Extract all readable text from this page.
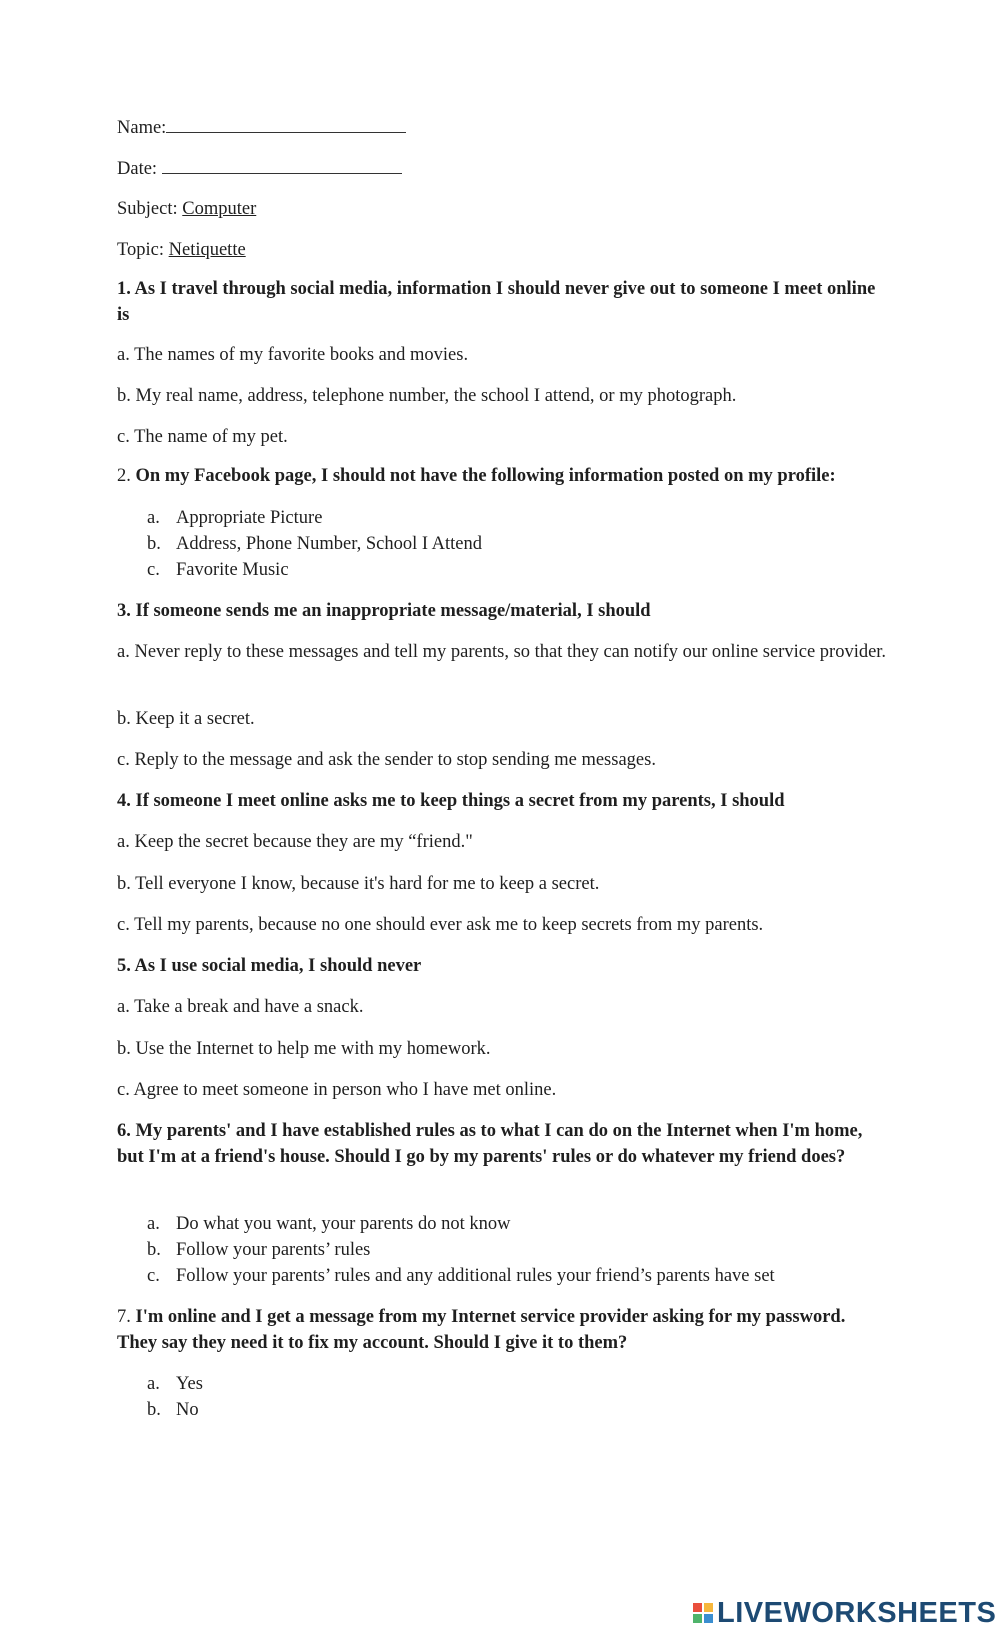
Name:
Date:
Subject: Computer
Topic: Netiquette
1. As I travel through social media, information I should never give out to someone I meet online is
a. The names of my favorite books and movies.
b. My real name, address, telephone number, the school I attend, or my photograph.
c. The name of my pet.
2. On my Facebook page, I should not have the following information posted on my profile:
a. Appropriate Picture
b. Address, Phone Number, School I Attend
c. Favorite Music
3. If someone sends me an inappropriate message/material, I should
a. Never reply to these messages and tell my parents, so that they can notify our online service provider.
b. Keep it a secret.
c. Reply to the message and ask the sender to stop sending me messages.
4. If someone I meet online asks me to keep things a secret from my parents, I should
a. Keep the secret because they are my “friend."
b. Tell everyone I know, because it's hard for me to keep a secret.
c. Tell my parents, because no one should ever ask me to keep secrets from my parents.
5. As I use social media, I should never
a. Take a break and have a snack.
b. Use the Internet to help me with my homework.
c. Agree to meet someone in person who I have met online.
6. My parents' and I have established rules as to what I can do on the Internet when I'm home, but I'm at a friend's house. Should I go by my parents' rules or do whatever my friend does?
a. Do what you want, your parents do not know
b. Follow your parents’ rules
c. Follow your parents’ rules and any additional rules your friend’s parents have set
7. I'm online and I get a message from my Internet service provider asking for my password. They say they need it to fix my account. Should I give it to them?
a. Yes
b. No
LIVEWORKSHEETS
